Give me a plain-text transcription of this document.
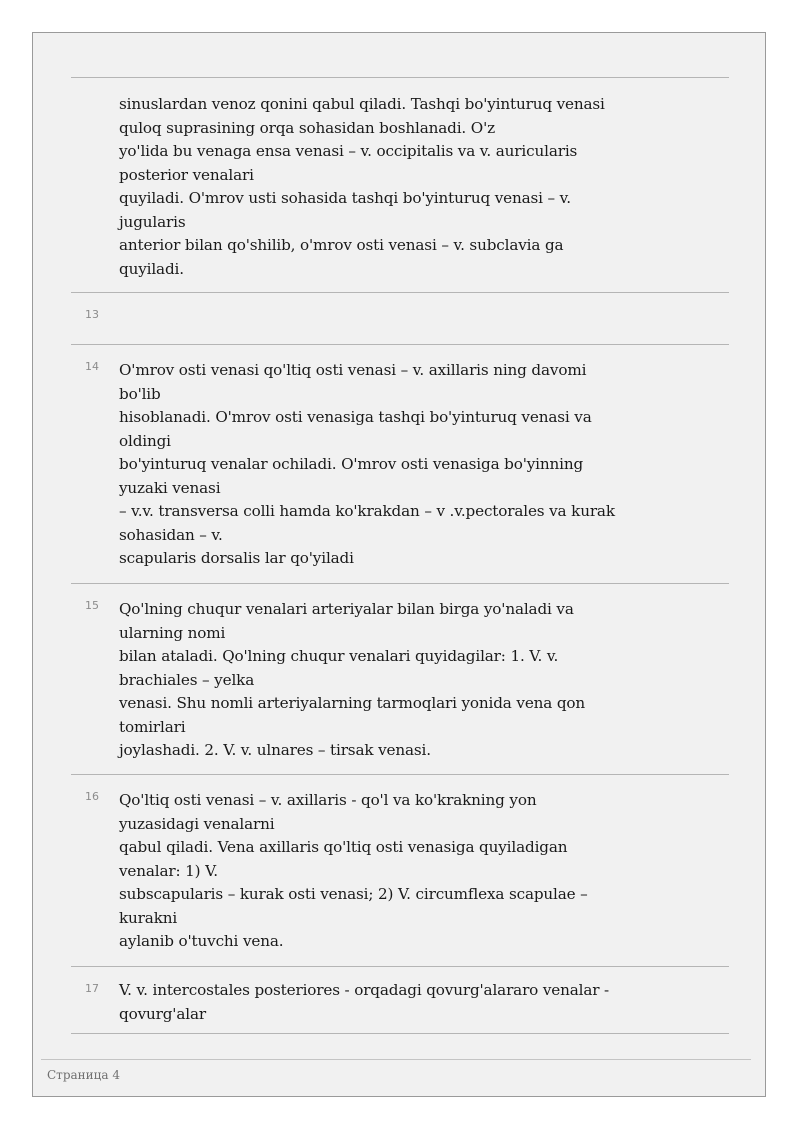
sinuslardan venoz qonini qabul qiladi. Tashqi bo'yinturuq venasi
quloq suprasining orqa sohasidan boshlanadi. O'z
yo'lida bu venaga ensa venasi – v. occipitalis va v. auricularis
posterior venalari
quyiladi. O'mrov usti sohasida tashqi bo'yinturuq venasi – v.
jugularis
anterior bilan qo'shilib, o'mrov osti venasi – v. subclavia ga
quyiladi.
13
14 O'mrov osti venasi qo'ltiq osti venasi – v. axillaris ning davomi
bo'lib
hisoblanadi. O'mrov osti venasiga tashqi bo'yinturuq venasi va
oldingi
bo'yinturuq venalar ochiladi. O'mrov osti venasiga bo'yinning
yuzaki venasi
– v.v. transversa colli hamda ko'krakdan – v .v.pectorales va kurak
sohasidan – v.
scapularis dorsalis lar qo'yiladi
15 Qo'lning chuqur venalari arteriyalar bilan birga yo'naladi va
ularning nomi
bilan ataladi. Qo'lning chuqur venalari quyidagilar: 1. V. v.
brachiales – yelka
venasi. Shu nomli arteriyalarning tarmoqlari yonida vena qon
tomirlari
joylashadi. 2. V. v. ulnares – tirsak venasi.
16 Qo'ltiq osti venasi – v. axillaris - qo'l va ko'krakning yon
yuzasidagi venalarni
qabul qiladi. Vena axillaris qo'ltiq osti venasiga quyiladigan
venalar: 1) V.
subscapularis – kurak osti venasi; 2) V. circumflexa scapulae –
kurakni
aylanib o'tuvchi vena.
17 V. v. intercostales posteriores - orqadagi qovurg'alararo venalar -
qovurg'alar
Страница 4
